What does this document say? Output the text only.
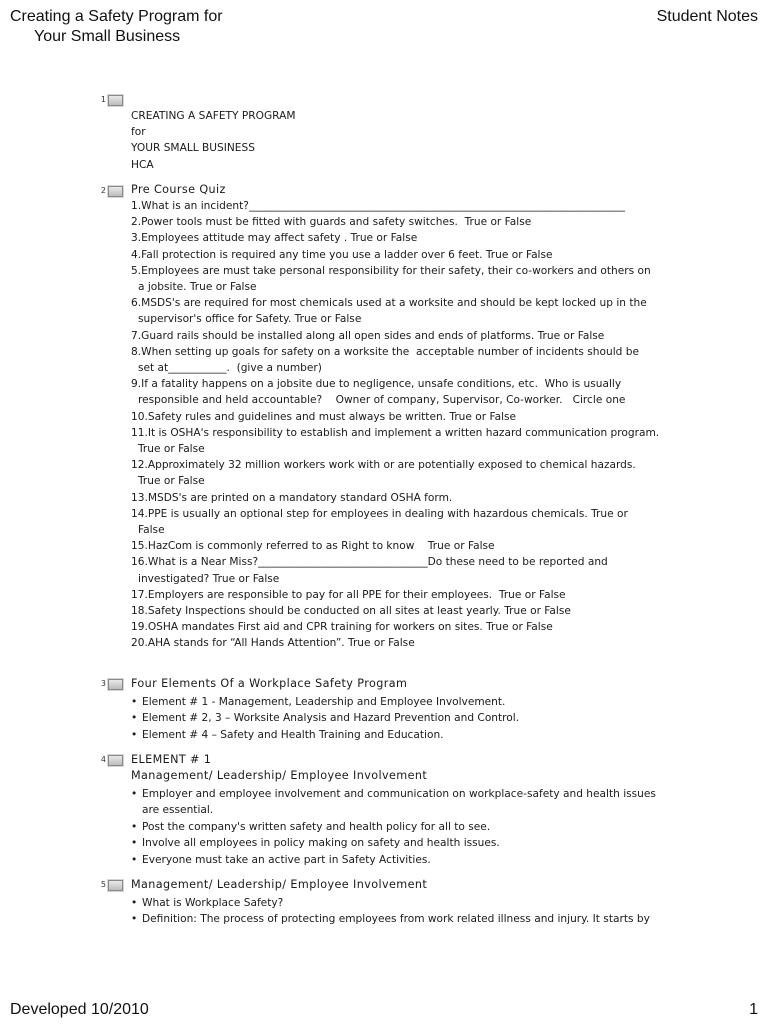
Creating a Safety Program for
Your Small Business
Student Notes
1
CREATING A SAFETY PROGRAM
for
YOUR SMALL BUSINESS
HCA
2 Pre Course Quiz
1.What is an incident?_______________________________________________________________________
2.Power tools must be fitted with guards and safety switches.  True or False
3.Employees attitude may affect safety . True or False
4.Fall protection is required any time you use a ladder over 6 feet. True or False
5.Employees are must take personal responsibility for their safety, their co-workers and others on
a jobsite. True or False
6.MSDS's are required for most chemicals used at a worksite and should be kept locked up in the
supervisor's office for Safety. True or False
7.Guard rails should be installed along all open sides and ends of platforms. True or False
8.When setting up goals for safety on a worksite the  acceptable number of incidents should be
set at___________.  (give a number)
9.If a fatality happens on a jobsite due to negligence, unsafe conditions, etc.  Who is usually
responsible and held accountable?    Owner of company, Supervisor, Co-worker.   Circle one
10.Safety rules and guidelines and must always be written. True or False
11.It is OSHA's responsibility to establish and implement a written hazard communication program.
True or False
12.Approximately 32 million workers work with or are potentially exposed to chemical hazards.
True or False
13.MSDS's are printed on a mandatory standard OSHA form.
14.PPE is usually an optional step for employees in dealing with hazardous chemicals. True or
False
15.HazCom is commonly referred to as Right to know    True or False
16.What is a Near Miss?________________________________Do these need to be reported and
investigated? True or False
17.Employers are responsible to pay for all PPE for their employees.  True or False
18.Safety Inspections should be conducted on all sites at least yearly. True or False
19.OSHA mandates First aid and CPR training for workers on sites. True or False
20.AHA stands for “All Hands Attention”. True or False
3 Four Elements Of a Workplace Safety Program
• Element # 1 - Management, Leadership and Employee Involvement.
• Element # 2, 3 – Worksite Analysis and Hazard Prevention and Control.
• Element # 4 – Safety and Health Training and Education.
4 ELEMENT # 1
Management/ Leadership/ Employee Involvement
• Employer and employee involvement and communication on workplace-safety and health issues
are essential.
• Post the company's written safety and health policy for all to see.
• Involve all employees in policy making on safety and health issues.
• Everyone must take an active part in Safety Activities.
5 Management/ Leadership/ Employee Involvement
• What is Workplace Safety?
• Definition: The process of protecting employees from work related illness and injury. It starts by
Developed 10/2010	1
